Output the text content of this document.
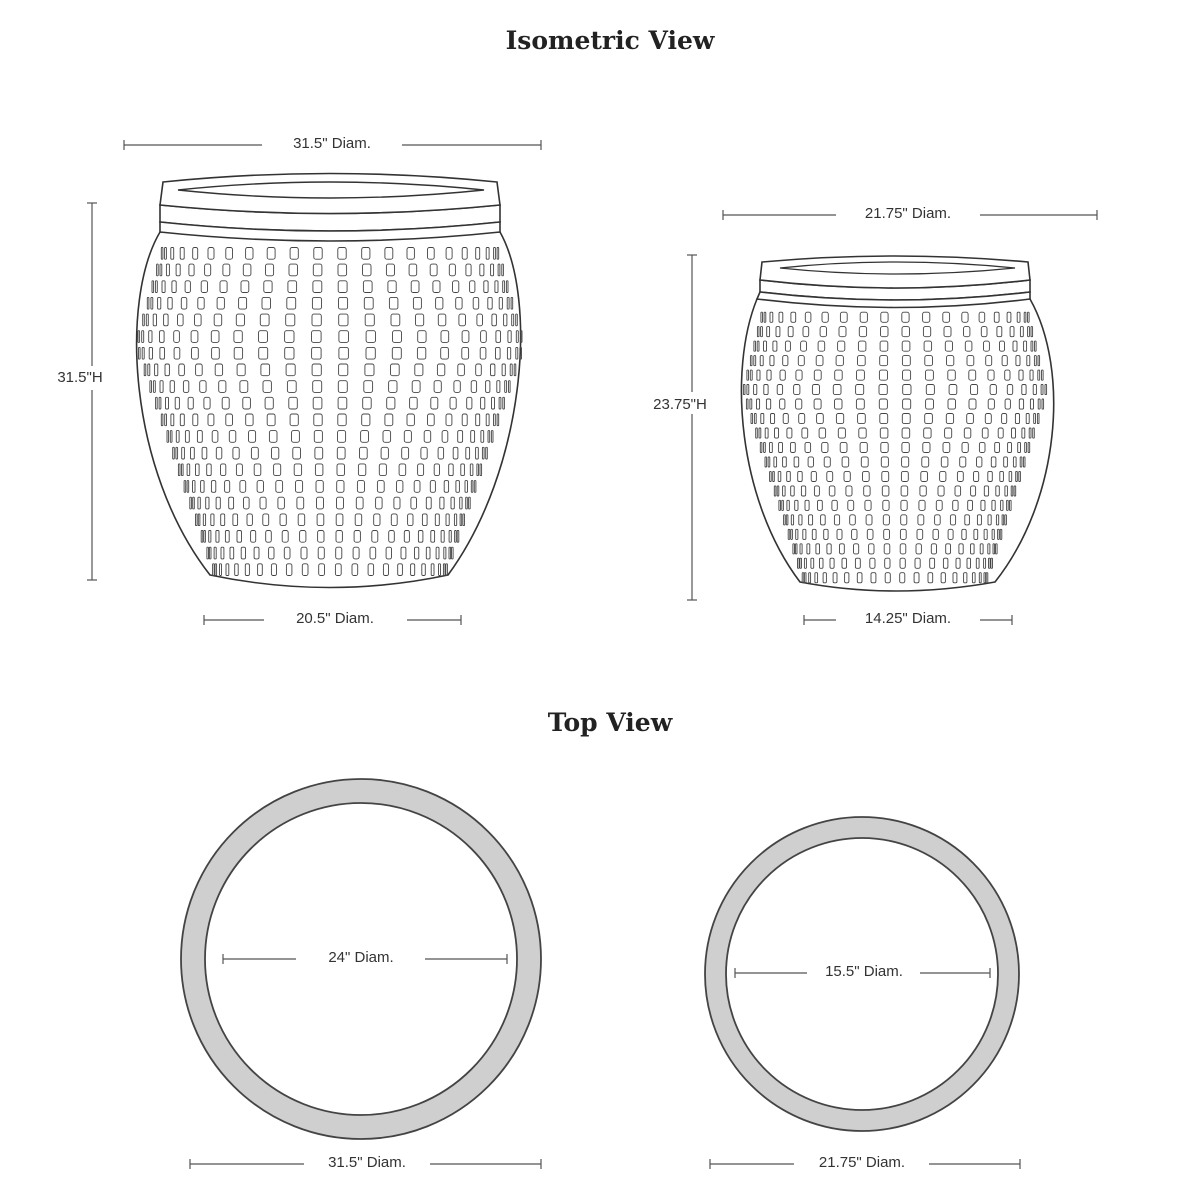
Isometric View
31.5" Diam.
31.5"H
20.5" Diam.
21.75" Diam.
23.75"H
14.25" Diam.
Top View
24" Diam.
31.5" Diam.
15.5" Diam.
21.75" Diam.
